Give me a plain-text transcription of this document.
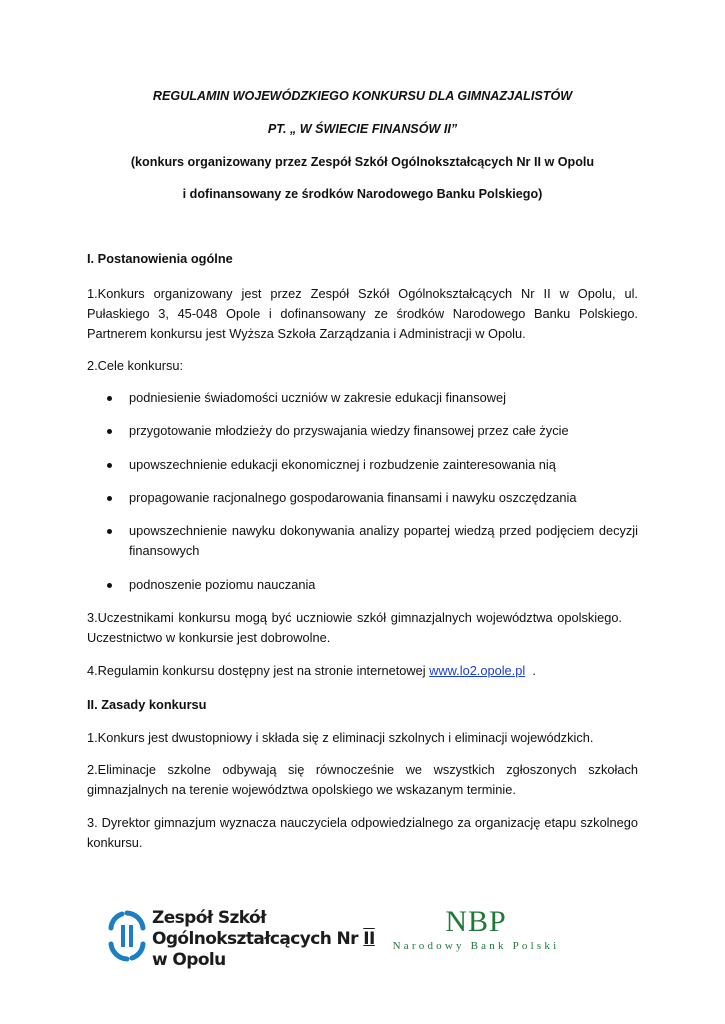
REGULAMIN WOJEWÓDZKIEGO KONKURSU DLA GIMNAZJALISTÓW
PT. „ W ŚWIECIE FINANSÓW II”
(konkurs organizowany przez Zespół Szkół Ogólnokształcących Nr II w Opolu
i dofinansowany ze środków Narodowego Banku Polskiego)
I. Postanowienia ogólne
1.Konkurs organizowany jest przez Zespół Szkół Ogólnokształcących Nr II w Opolu, ul. Pułaskiego 3, 45-048 Opole i dofinansowany ze środków Narodowego Banku Polskiego. Partnerem konkursu jest Wyższa Szkoła Zarządzania i Administracji w Opolu.
2.Cele konkursu:
podniesienie świadomości uczniów w zakresie edukacji finansowej
przygotowanie młodzieży do przyswajania wiedzy finansowej przez całe życie
upowszechnienie edukacji ekonomicznej i rozbudzenie zainteresowania nią
propagowanie racjonalnego gospodarowania finansami i nawyku oszczędzania
upowszechnienie nawyku dokonywania analizy popartej wiedzą przed podjęciem decyzji finansowych
podnoszenie poziomu nauczania
3.Uczestnikami konkursu mogą być uczniowie szkół gimnazjalnych województwa opolskiego. Uczestnictwo w konkursie jest dobrowolne.
4.Regulamin konkursu dostępny jest na stronie internetowej www.lo2.opole.pl  .
II. Zasady konkursu
1.Konkurs jest dwustopniowy i składa się z eliminacji szkolnych i eliminacji wojewódzkich.
2.Eliminacje szkolne odbywają się równocześnie we wszystkich zgłoszonych szkołach gimnazjalnych na terenie województwa opolskiego we wskazanym terminie.
3. Dyrektor gimnazjum wyznacza nauczyciela odpowiedzialnego za organizację etapu szkolnego konkursu.
Zespół Szkół
Ogólnokształcących Nr II
w Opolu
NBP
Narodowy Bank Polski
